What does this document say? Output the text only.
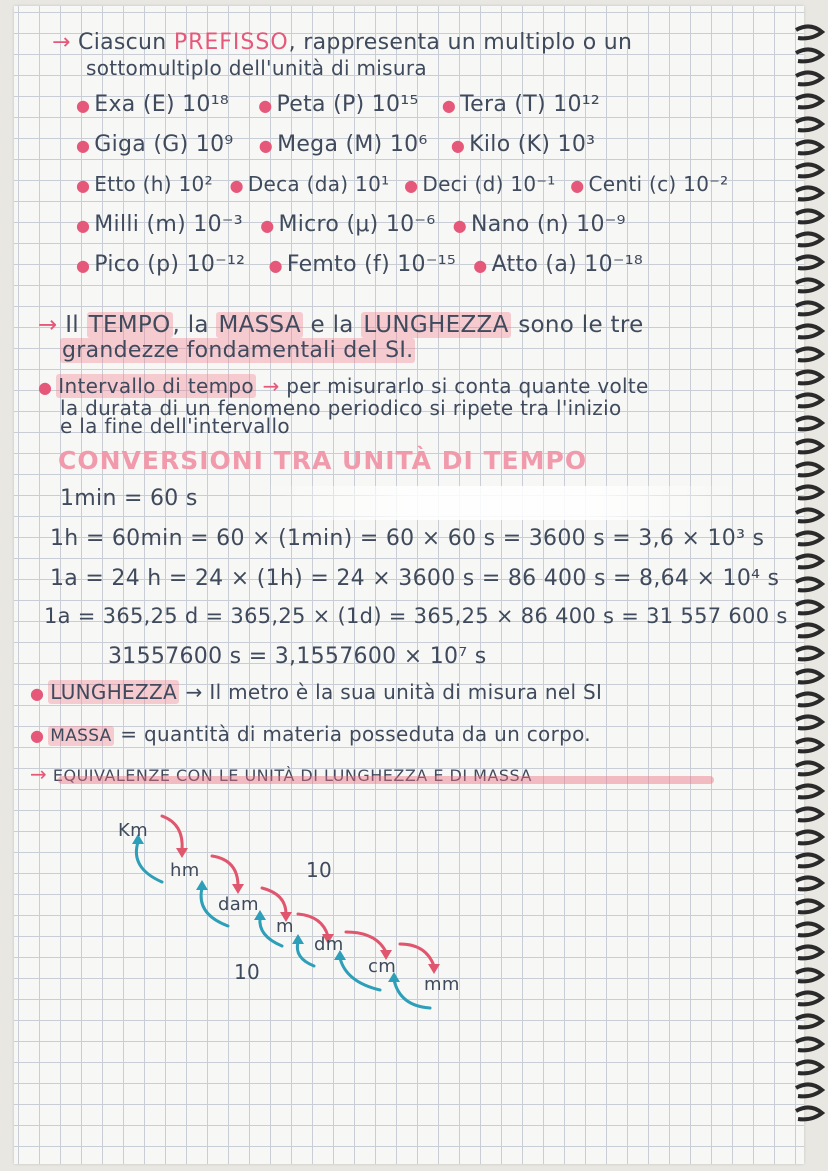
→ Ciascun PREFISSO, rappresenta un multiplo o un
sottomultiplo dell'unità di misura
● Exa (E) 10¹⁸ ● Peta (P) 10¹⁵ ● Tera (T) 10¹²
● Giga (G) 10⁹ ● Mega (M) 10⁶ ● Kilo (K) 10³
● Etto (h) 10² ● Deca (da) 10¹ ● Deci (d) 10⁻¹ ● Centi (c) 10⁻²
● Milli (m) 10⁻³ ● Micro (μ) 10⁻⁶ ● Nano (n) 10⁻⁹
● Pico (p) 10⁻¹² ● Femto (f) 10⁻¹⁵ ● Atto (a) 10⁻¹⁸
→ Il TEMPO, la MASSA e la LUNGHEZZA sono le tre
grandezze fondamentali del SI.
● Intervallo di tempo → per misurarlo si conta quante volte
la durata di un fenomeno periodico si ripete tra l'inizio
e la fine dell'intervallo
CONVERSIONI TRA UNITÀ DI TEMPO
1min = 60 s
1h = 60min = 60 × (1min) = 60 × 60 s = 3600 s = 3,6 × 10³ s
1a = 24 h = 24 × (1h) = 24 × 3600 s = 86 400 s = 8,64 × 10⁴ s
1a = 365,25 d = 365,25 × (1d) = 365,25 × 86 400 s = 31 557 600 s
31557600 s = 3,1557600 × 10⁷ s
● LUNGHEZZA → Il metro è la sua unità di misura nel SI
● MASSA = quantità di materia posseduta da un corpo.
→ EQUIVALENZE CON LE UNITÀ DI LUNGHEZZA E DI MASSA
Km
hm
dam
m
dm
cm
mm
10
10
